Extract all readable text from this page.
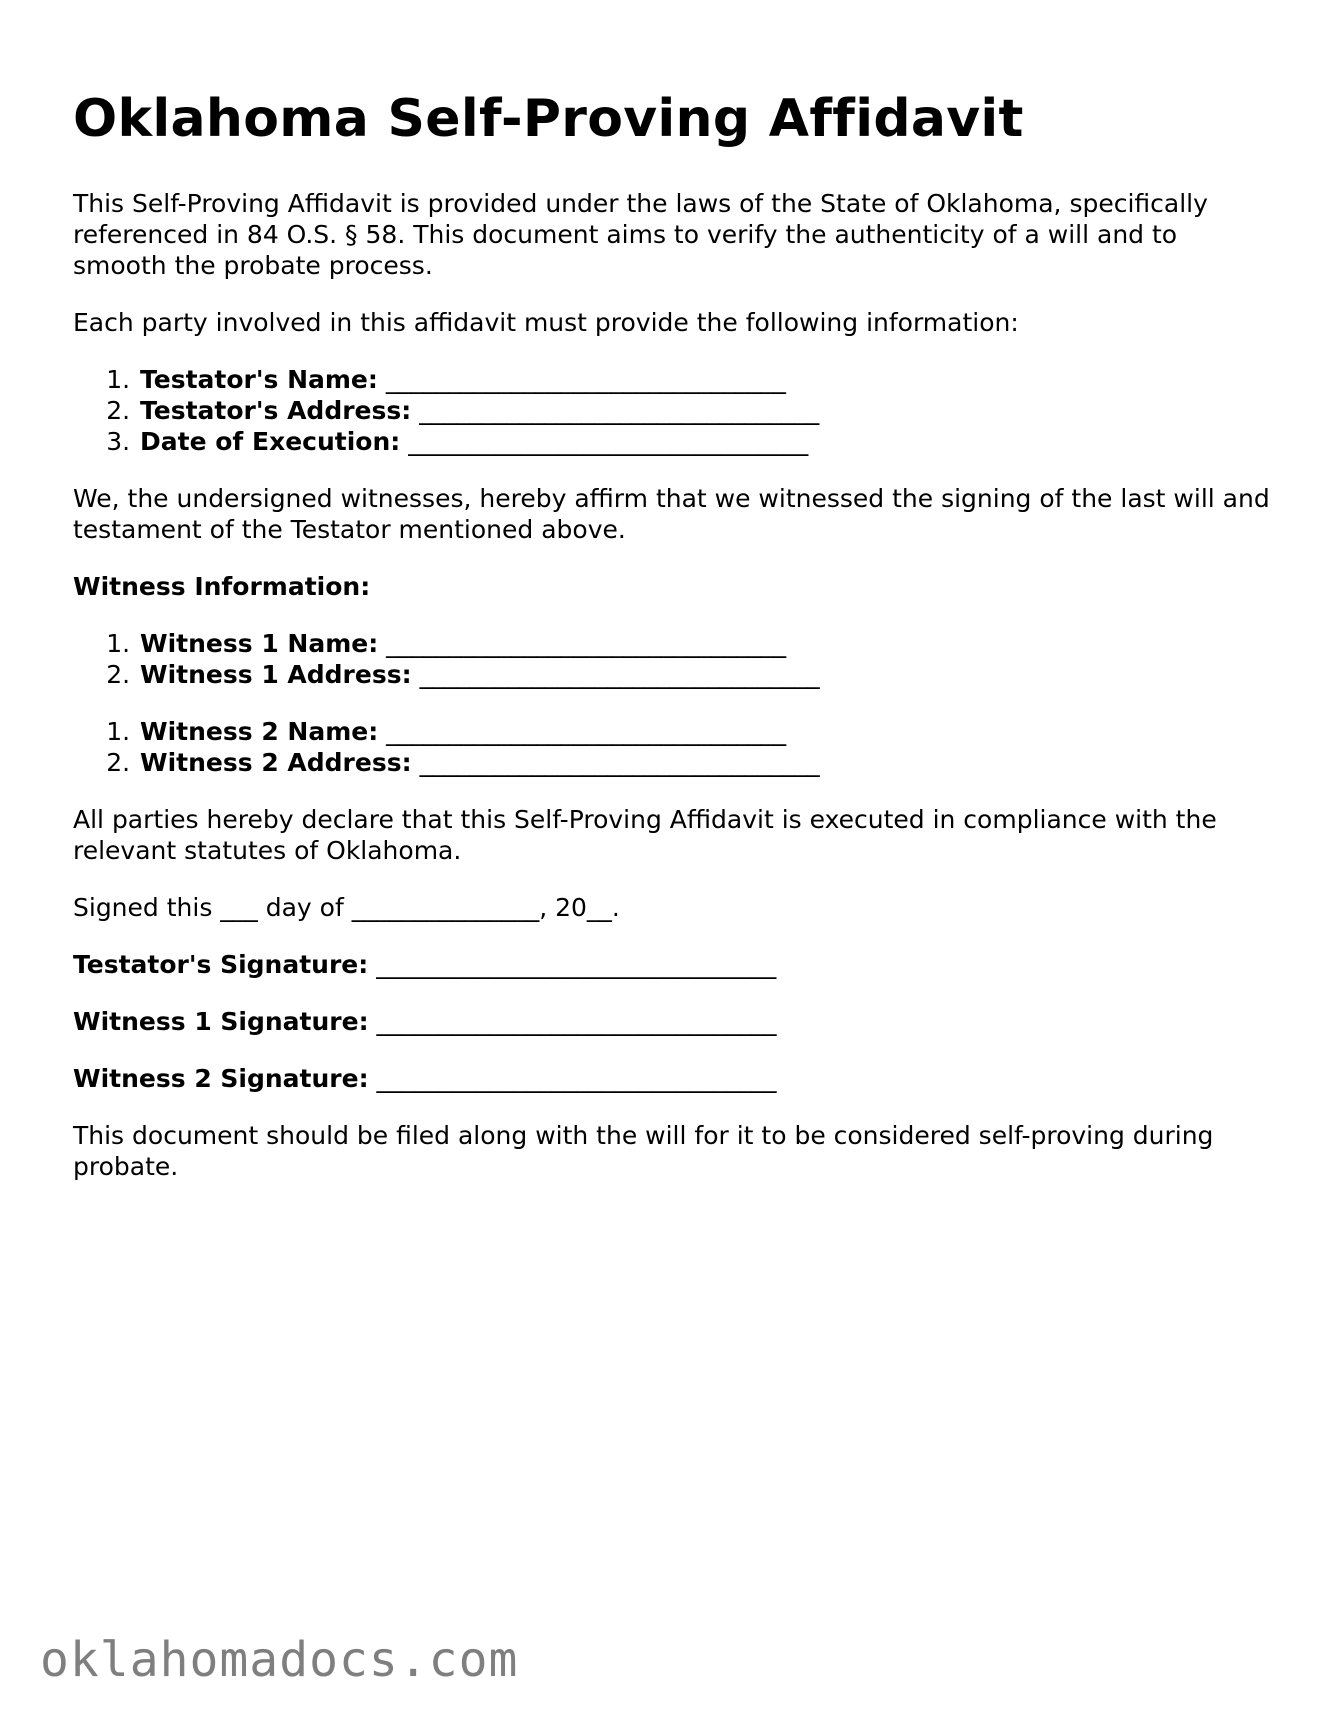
Oklahoma Self-Proving Affidavit

This Self-Proving Affidavit is provided under the laws of the State of Oklahoma, specifically referenced in 84 O.S. § 58. This document aims to verify the authenticity of a will and to smooth the probate process.

Each party involved in this affidavit must provide the following information:

1. Testator's Name: ________________________________
2. Testator's Address: ________________________________
3. Date of Execution: ________________________________

We, the undersigned witnesses, hereby affirm that we witnessed the signing of the last will and testament of the Testator mentioned above.

Witness Information:

1. Witness 1 Name: ________________________________
2. Witness 1 Address: ________________________________
1. Witness 2 Name: ________________________________
2. Witness 2 Address: ________________________________

All parties hereby declare that this Self-Proving Affidavit is executed in compliance with the relevant statutes of Oklahoma.

Signed this ___ day of _______________, 20__.

Testator's Signature: ________________________________

Witness 1 Signature: ________________________________

Witness 2 Signature: ________________________________

This document should be filed along with the will for it to be considered self-proving during probate.

oklahomadocs.com
